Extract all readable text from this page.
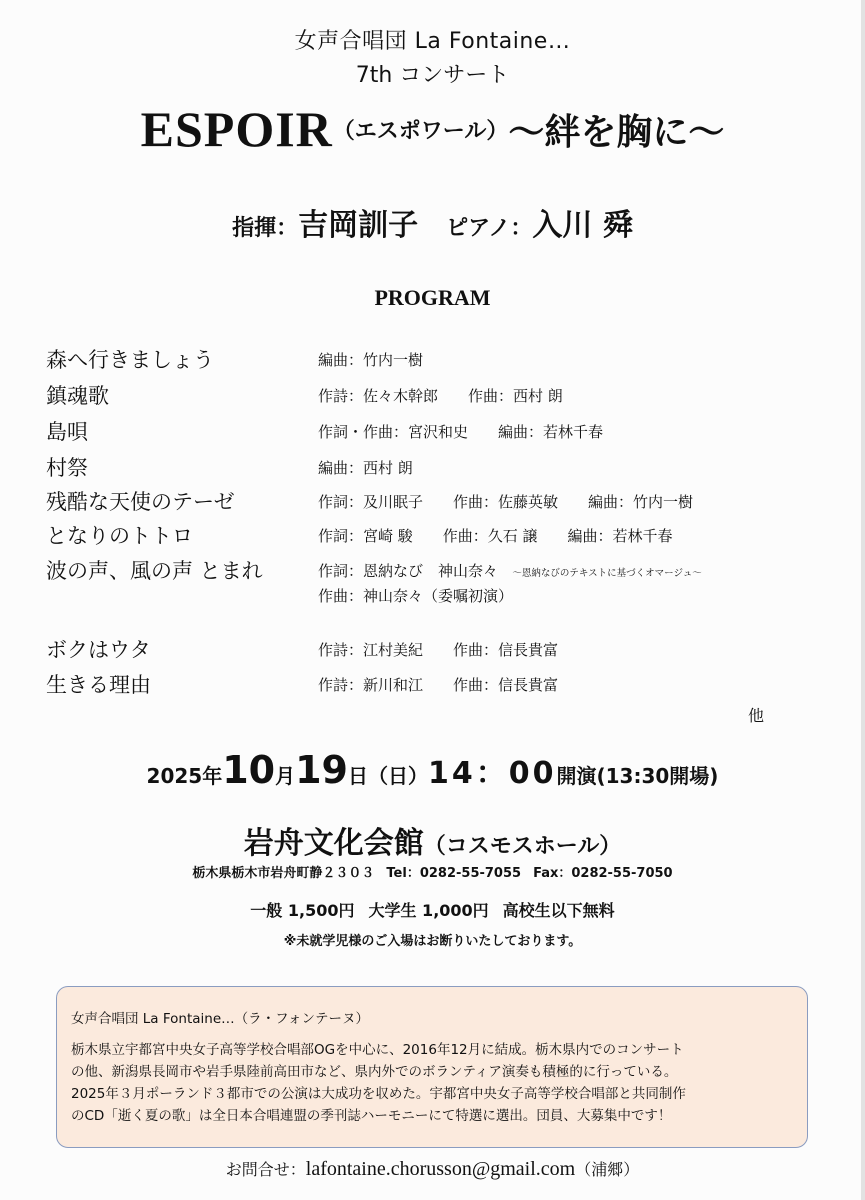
女声合唱団 La Fontaine…
7th コンサート
ESPOIR（エスポワール）〜絆を胸に〜
指揮：吉岡訓子 ピアノ：入川 舜
PROGRAM
森へ行きましょう	編曲：竹内一樹
鎮魂歌	作詩：佐々木幹郎　　作曲：西村 朗
島唄	作詞・作曲：宮沢和史　　編曲：若林千春
村祭	編曲：西村 朗
残酷な天使のテーゼ	作詞：及川眠子　　作曲：佐藤英敏　　編曲：竹内一樹
となりのトトロ	作詞：宮崎 駿　　作曲：久石 譲　　編曲：若林千春
波の声、風の声 とまれ	作詞：恩納なび　神山奈々 〜恩納なびのテキストに基づくオマージュ〜
作曲：神山奈々（委嘱初演）
ボクはウタ	作詩：江村美紀　　作曲：信長貴富
生きる理由	作詩：新川和江　　作曲：信長貴富
他
2025年10月19日（日）14：00開演(13:30開場)
岩舟文化会館（コスモスホール）
栃木県栃木市岩舟町静２３０３ Tel：0282-55-7055 Fax：0282-55-7050
一般 1,500円 大学生 1,000円 高校生以下無料
※未就学児様のご入場はお断りいたしております。
女声合唱団 La Fontaine…（ラ・フォンテーヌ）
栃木県立宇都宮中央女子高等学校合唱部OGを中心に、2016年12月に結成。栃木県内でのコンサート
の他、新潟県長岡市や岩手県陸前高田市など、県内外でのボランティア演奏も積極的に行っている。
2025年３月ポーランド３都市での公演は大成功を収めた。宇都宮中央女子高等学校合唱部と共同制作
のCD「逝く夏の歌」は全日本合唱連盟の季刊誌ハーモニーにて特選に選出。団員、大募集中です！
お問合せ：lafontaine.chorusson@gmail.com（浦郷）
